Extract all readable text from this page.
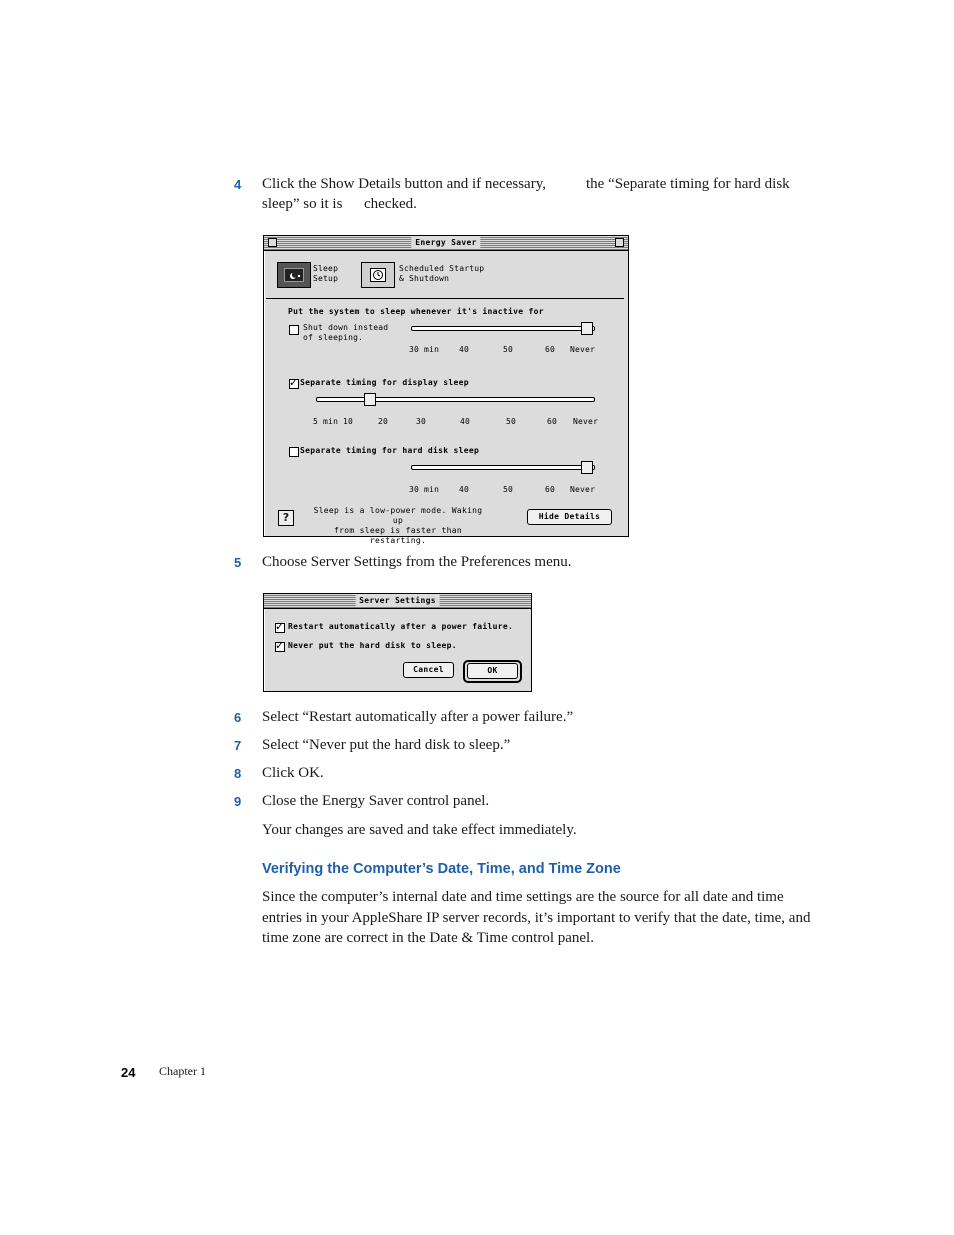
4 Click the Show Details button and if necessary,	the “Separate timing for hard disk
sleep” so it is checked.
Energy Saver
Sleep
Setup
Scheduled Startup
& Shutdown
Put the system to sleep whenever it's inactive for
Shut down instead
of sleeping.
30 min 40	50	60 Never
✓
Separate timing for display sleep
5 min 10	20	30	40	50	60 Never
Separate timing for hard disk sleep
30 min 40	50	60 Never
?
Sleep is a low-power mode. Waking up
from sleep is faster than restarting.
Hide Details
5 Choose Server Settings from the Preferences menu.
Server Settings
✓
Restart automatically after a power failure.
✓
Never put the hard disk to sleep.
Cancel	OK
6 Select “Restart automatically after a power failure.”
7 Select “Never put the hard disk to sleep.”
8 Click OK.
9 Close the Energy Saver control panel.
Your changes are saved and take effect immediately.
Verifying the Computer’s Date, Time, and Time Zone
Since the computer’s internal date and time settings are the source for all date and time
entries in your AppleShare IP server records, it’s important to verify that the date, time, and
time zone are correct in the Date & Time control panel.
24 Chapter 1
